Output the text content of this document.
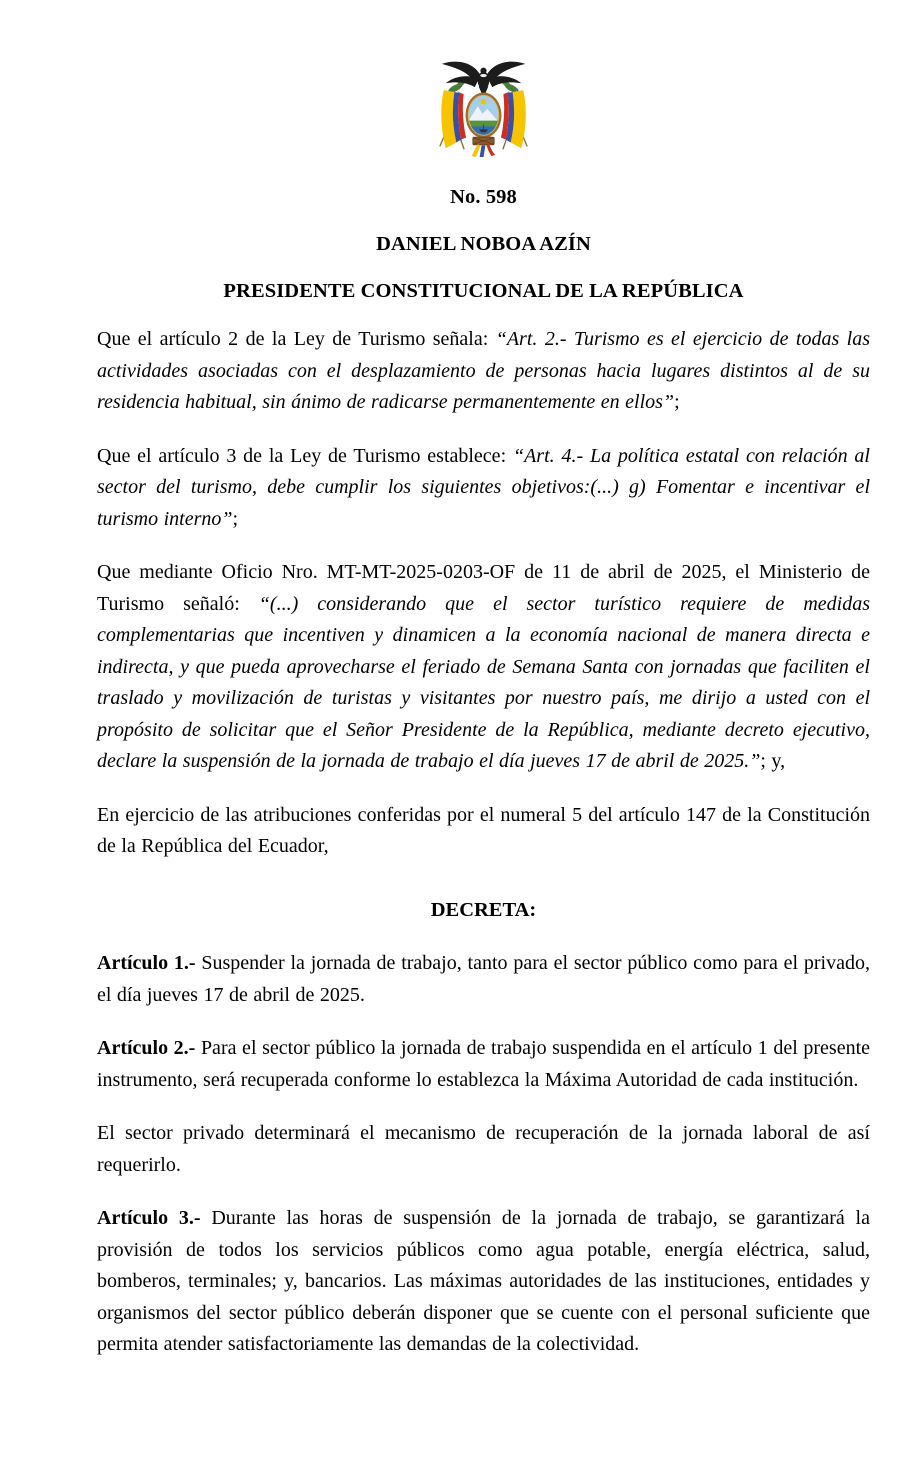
No. 598
DANIEL NOBOA AZÍN
PRESIDENTE CONSTITUCIONAL DE LA REPÚBLICA

Que el artículo 2 de la Ley de Turismo señala: “Art. 2.- Turismo es el ejercicio de todas las actividades asociadas con el desplazamiento de personas hacia lugares distintos al de su residencia habitual, sin ánimo de radicarse permanentemente en ellos”;

Que el artículo 3 de la Ley de Turismo establece: “Art. 4.- La política estatal con relación al sector del turismo, debe cumplir los siguientes objetivos:(...) g) Fomentar e incentivar el turismo interno”;

Que mediante Oficio Nro. MT-MT-2025-0203-OF de 11 de abril de 2025, el Ministerio de Turismo señaló: “(...) considerando que el sector turístico requiere de medidas complementarias que incentiven y dinamicen a la economía nacional de manera directa e indirecta, y que pueda aprovecharse el feriado de Semana Santa con jornadas que faciliten el traslado y movilización de turistas y visitantes por nuestro país, me dirijo a usted con el propósito de solicitar que el Señor Presidente de la República, mediante decreto ejecutivo, declare la suspensión de la jornada de trabajo el día jueves 17 de abril de 2025.”; y,

En ejercicio de las atribuciones conferidas por el numeral 5 del artículo 147 de la Constitución de la República del Ecuador,

DECRETA:

Artículo 1.- Suspender la jornada de trabajo, tanto para el sector público como para el privado, el día jueves 17 de abril de 2025.

Artículo 2.- Para el sector público la jornada de trabajo suspendida en el artículo 1 del presente instrumento, será recuperada conforme lo establezca la Máxima Autoridad de cada institución.

El sector privado determinará el mecanismo de recuperación de la jornada laboral de así requerirlo.

Artículo 3.- Durante las horas de suspensión de la jornada de trabajo, se garantizará la provisión de todos los servicios públicos como agua potable, energía eléctrica, salud, bomberos, terminales; y, bancarios. Las máximas autoridades de las instituciones, entidades y organismos del sector público deberán disponer que se cuente con el personal suficiente que permita atender satisfactoriamente las demandas de la colectividad.
